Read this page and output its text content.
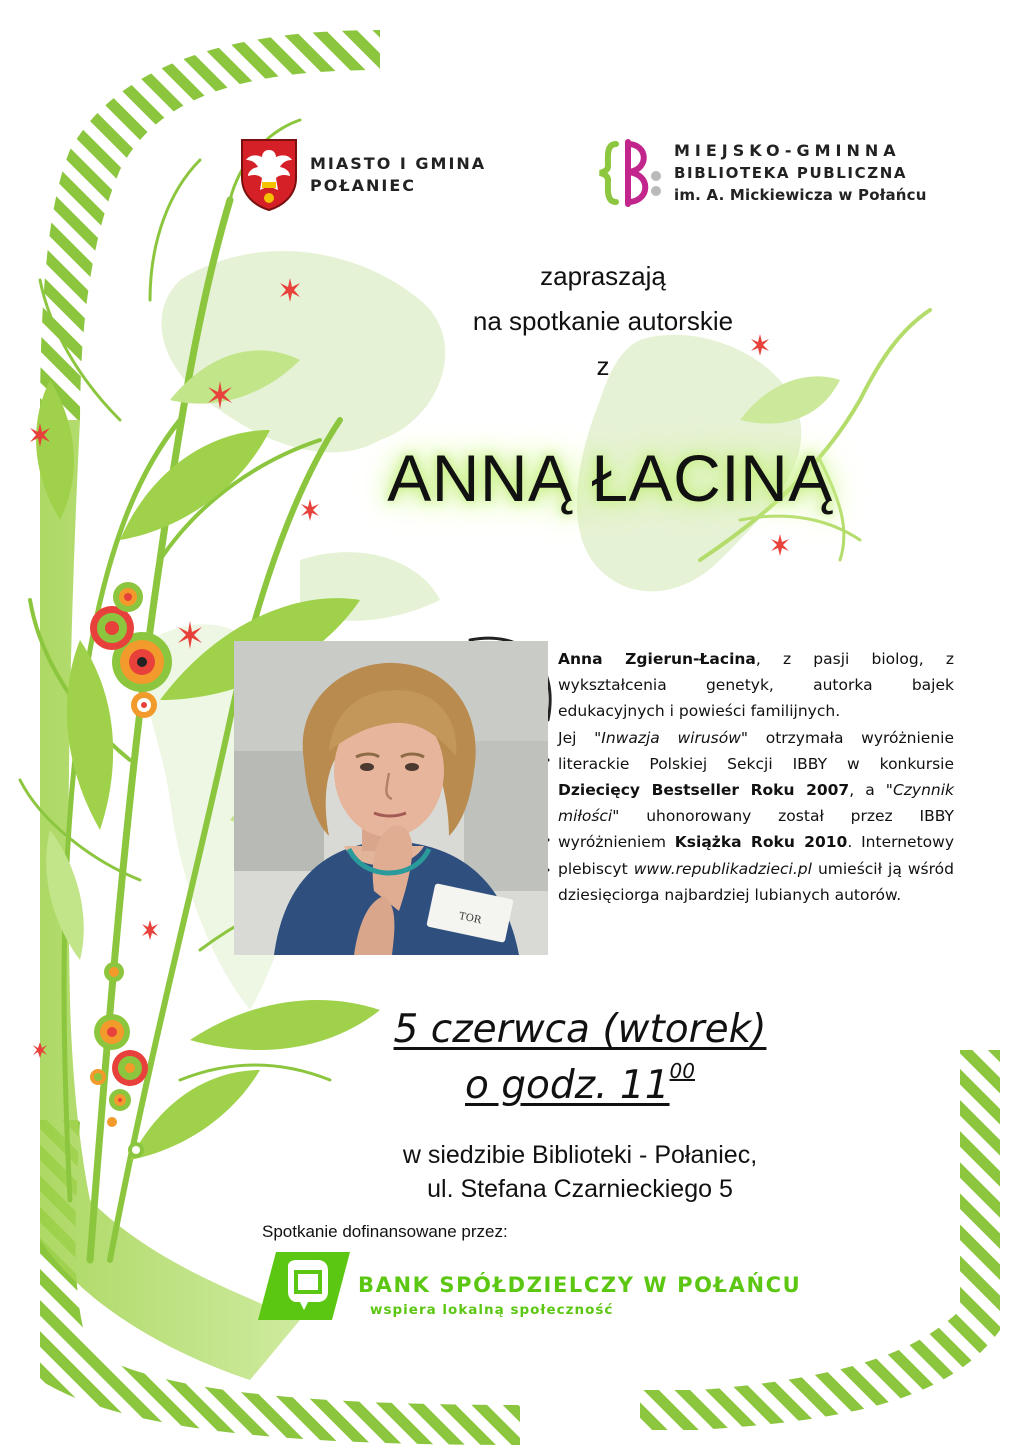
MIASTO I GMINA
POŁANIEC
MIEJSKO-GMINNA
BIBLIOTEKA PUBLICZNA
im. A. Mickiewicza w Połańcu
zapraszają
na spotkanie autorskie
z
ANNĄ ŁACINĄ
TOR

Anna Zgierun-Łacina, z pasji biolog, z wykształcenia genetyk, autorka bajek edukacyjnych i powieści familijnych.

Jej "Inwazja wirusów" otrzymała wyróżnienie literackie Polskiej Sekcji IBBY w konkursie Dziecięcy Bestseller Roku 2007, a "Czynnik miłości" uhonorowany został przez IBBY wyróżnieniem Książka Roku 2010. Internetowy plebiscyt www.republikadzieci.pl umieścił ją wśród dziesięciorga najbardziej lubianych autorów.

5 czerwca (wtorek)
o godz. $11^{00}$
w siedzibie Biblioteki - Połaniec,
ul. Stefana Czarnieckiego 5
Spotkanie dofinansowane przez:
BANK SPÓŁDZIELCZY W POŁAŃCU
wspiera lokalną społeczność
